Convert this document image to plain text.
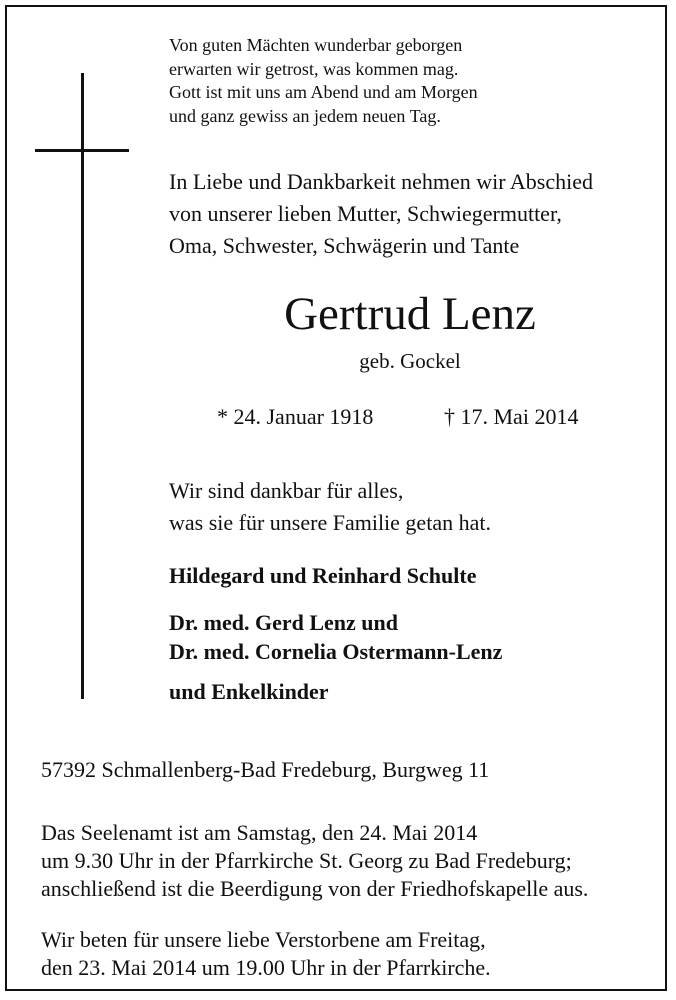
Von guten Mächten wunderbar geborgen
erwarten wir getrost, was kommen mag.
Gott ist mit uns am Abend und am Morgen
und ganz gewiss an jedem neuen Tag.
In Liebe und Dankbarkeit nehmen wir Abschied
von unserer lieben Mutter, Schwiegermutter,
Oma, Schwester, Schwägerin und Tante
Gertrud Lenz
geb. Gockel
* 24. Januar 1918	† 17. Mai 2014
Wir sind dankbar für alles,
was sie für unsere Familie getan hat.
Hildegard und Reinhard Schulte
Dr. med. Gerd Lenz und
Dr. med. Cornelia Ostermann-Lenz
und Enkelkinder
57392 Schmallenberg-Bad Fredeburg, Burgweg 11
Das Seelenamt ist am Samstag, den 24. Mai 2014
um 9.30 Uhr in der Pfarrkirche St. Georg zu Bad Fredeburg;
anschließend ist die Beerdigung von der Friedhofskapelle aus.
Wir beten für unsere liebe Verstorbene am Freitag,
den 23. Mai 2014 um 19.00 Uhr in der Pfarrkirche.
